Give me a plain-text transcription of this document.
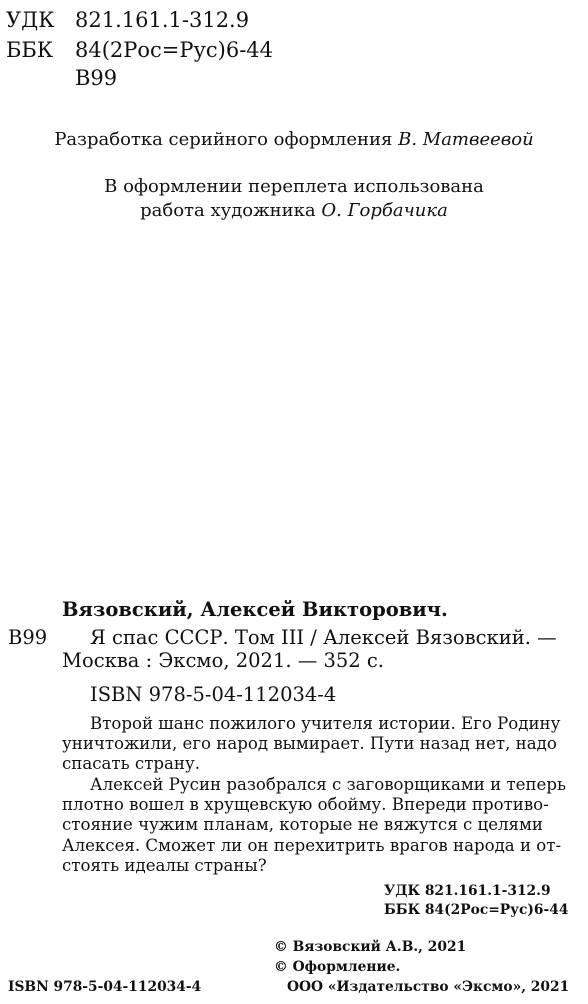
УДК 821.161.1-312.9
ББК 84(2Рос=Рус)6-44
В99
Разработка серийного оформления В. Матвеевой
В оформлении переплета использована
работа художника О. Горбачика
Вязовский, Алексей Викторович.
В99 Я спас СССР. Том III / Алексей Вязовский. —
Москва : Эксмо, 2021. — 352 с.
ISBN 978-5-04-112034-4
Второй шанс пожилого учителя истории. Его Родину
уничтожили, его народ вымирает. Пути назад нет, надо
спасать страну.
Алексей Русин разобрался с заговорщиками и теперь
плотно вошел в хрущевскую обойму. Впереди противо-
стояние чужим планам, которые не вяжутся с целями
Алексея. Сможет ли он перехитрить врагов народа и от-
стоять идеалы страны?
УДК 821.161.1-312.9
ББК 84(2Рос=Рус)6-44
© Вязовский А.В., 2021
© Оформление.
ISBN 978-5-04-112034-4	ООО «Издательство «Эксмо», 2021
